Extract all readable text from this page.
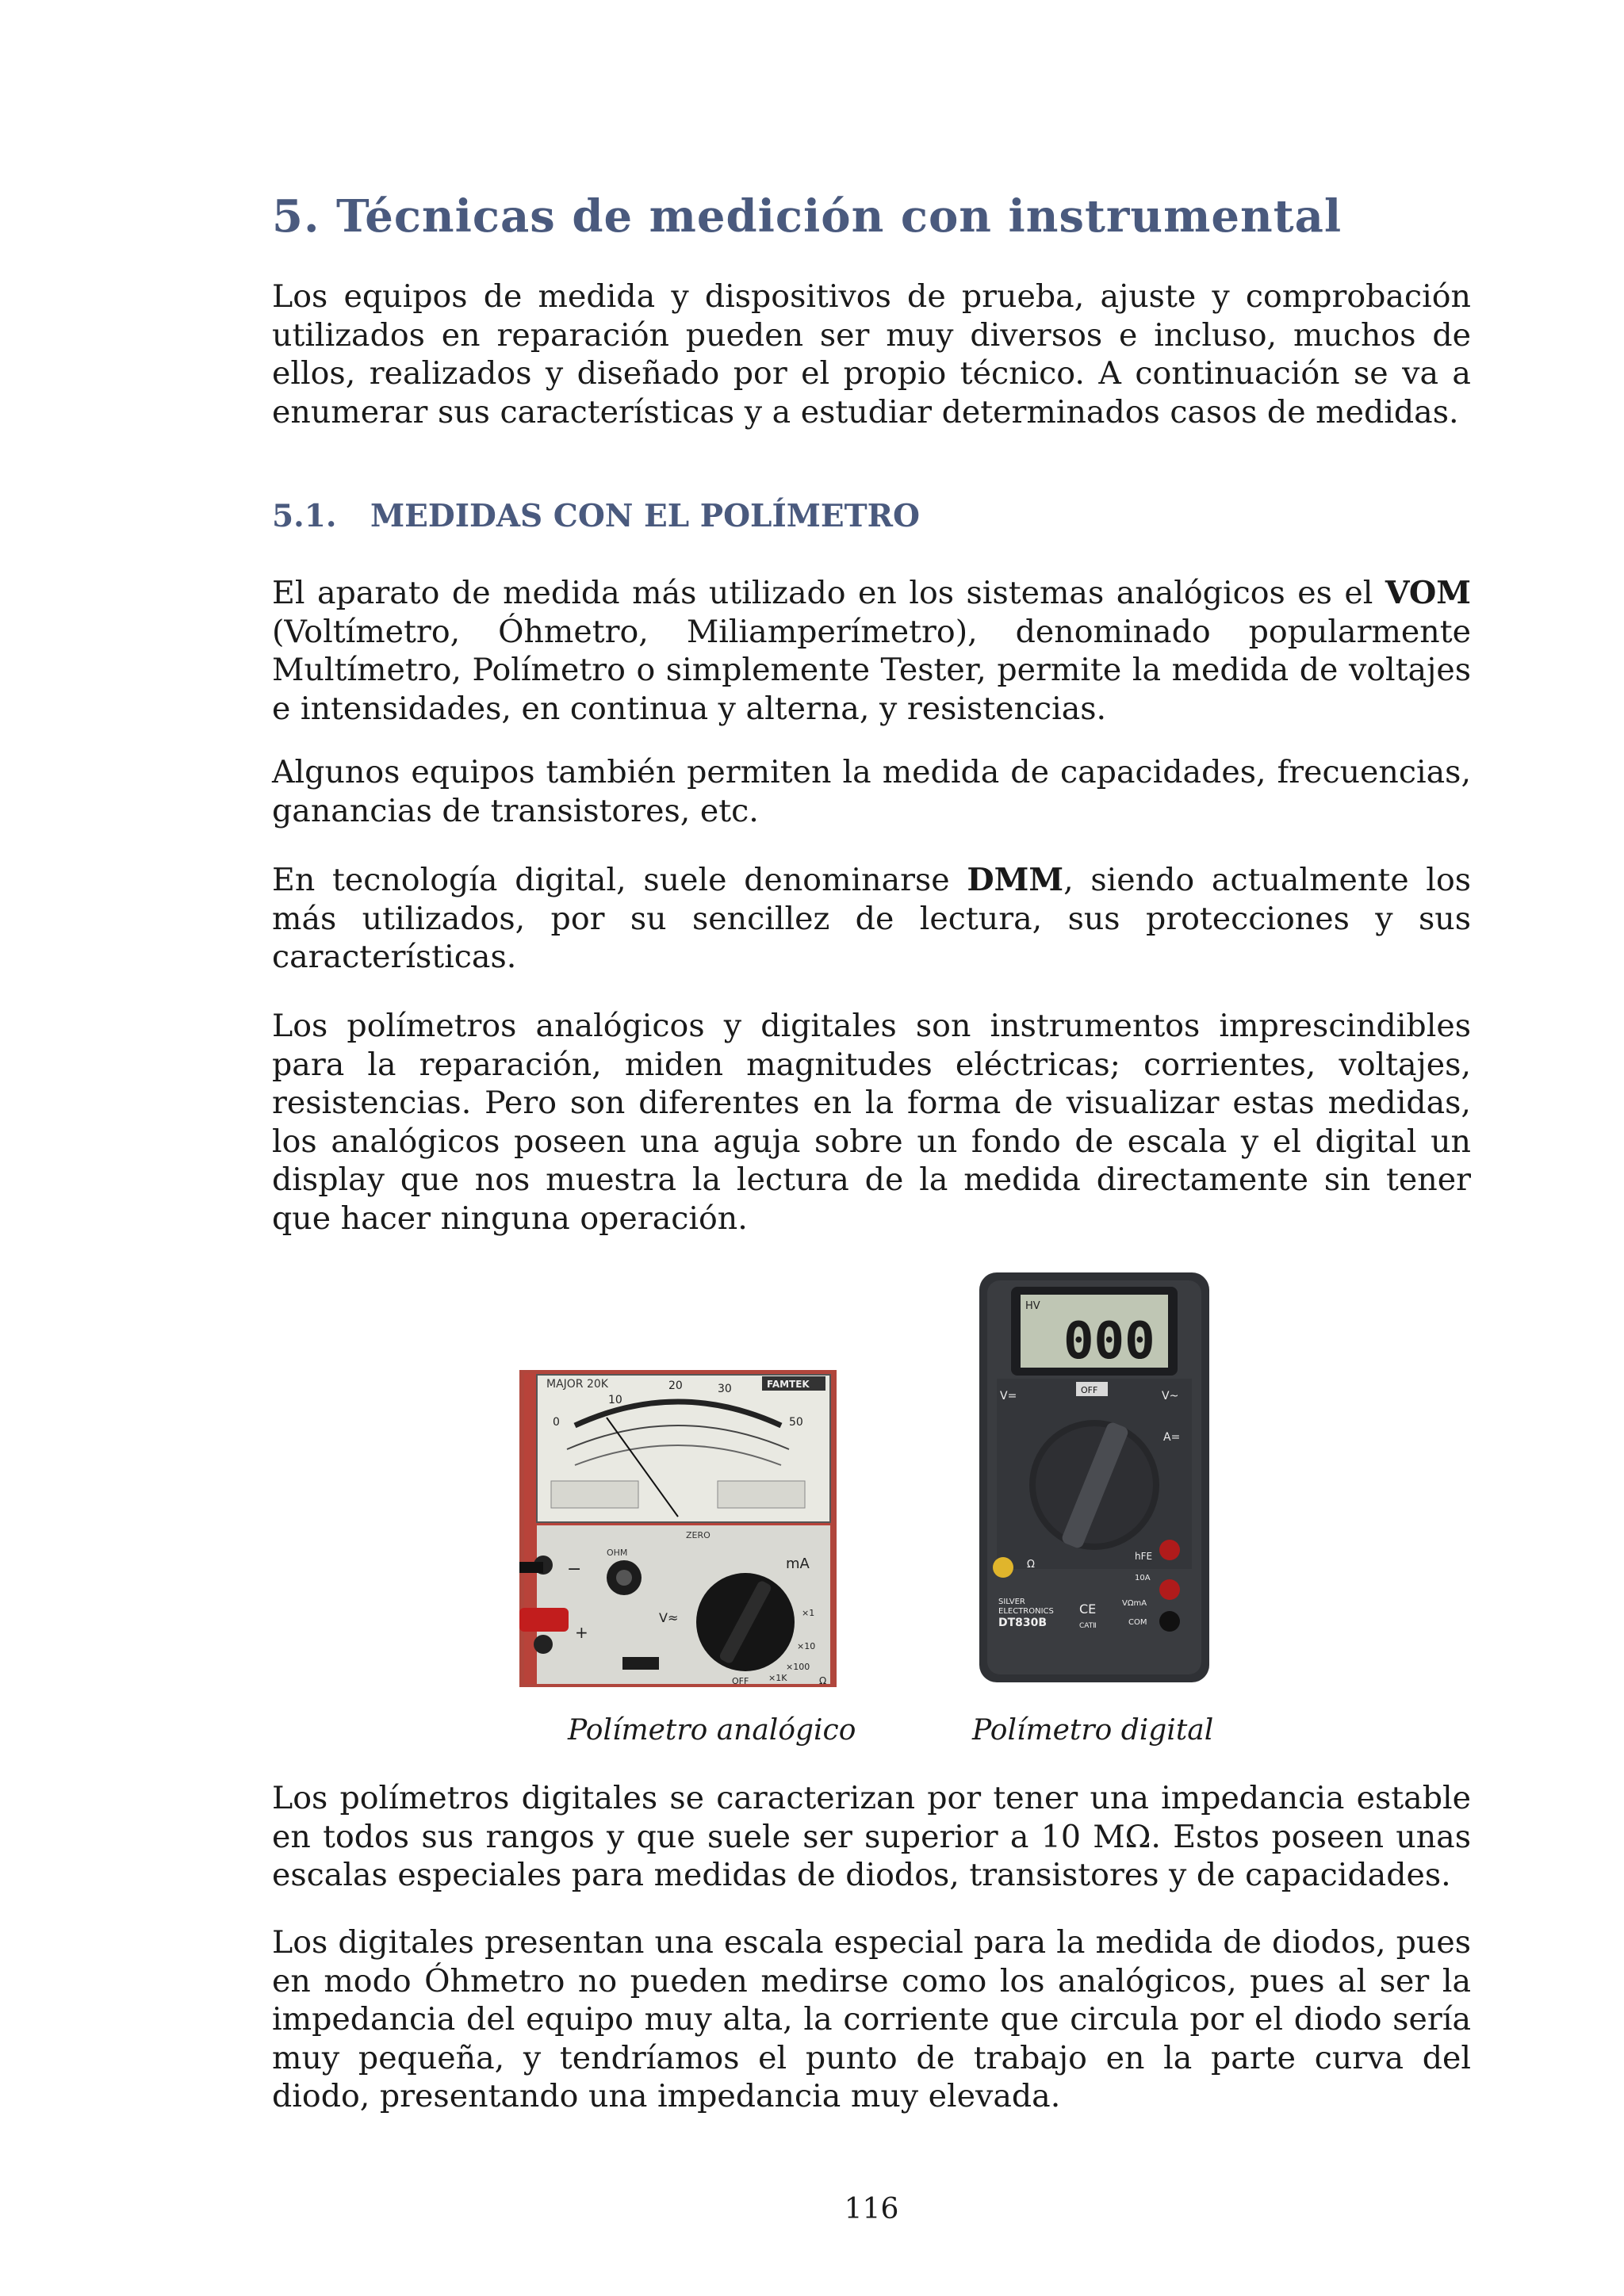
5. Técnicas de medición con instrumental

Los equipos de medida y dispositivos de prueba, ajuste y comprobación utilizados en reparación pueden ser muy diversos e incluso, muchos de ellos, realizados y diseñado por el propio técnico. A continuación se va a enumerar sus características y a estudiar determinados casos de medidas.

5.1. MEDIDAS CON EL POLÍMETRO

El aparato de medida más utilizado en los sistemas analógicos es el VOM (Voltímetro, Óhmetro, Miliamperímetro), denominado popularmente Multímetro, Polímetro o simplemente Tester, permite la medida de voltajes e intensidades, en continua y alterna, y resistencias.

Algunos equipos también permiten la medida de capacidades, frecuencias, ganancias de transistores, etc.

En tecnología digital, suele denominarse DMM, siendo actualmente los más utilizados, por su sencillez de lectura, sus protecciones y sus características.

Los polímetros analógicos y digitales son instrumentos imprescindibles para la reparación, miden magnitudes eléctricas; corrientes, voltajes, resistencias. Pero son diferentes en la forma de visualizar estas medidas, los analógicos poseen una aguja sobre un fondo de escala y el digital un display que nos muestra la lectura de la medida directamente sin tener que hacer ninguna operación.

MAJOR 20K	FAMTEK
20	30
10
50
0
ZERO
OHM
−
+
mA
V≈	×1
×10
×100
×1K
OFF	Ω
HV
000
V=	V~
A=
OFF
Ω
hFE
10A
VΩmA
COM
SILVER
ELECTRONICS
DT830B
CE
CATⅡ
Polímetro analógico	Polímetro digital

Los polímetros digitales se caracterizan por tener una impedancia estable en todos sus rangos y que suele ser superior a 10 MΩ. Estos poseen unas escalas especiales para medidas de diodos, transistores y de capacidades.

Los digitales presentan una escala especial para la medida de diodos, pues en modo Óhmetro no pueden medirse como los analógicos, pues al ser la impedancia del equipo muy alta, la corriente que circula por el diodo sería muy pequeña, y tendríamos el punto de trabajo en la parte curva del diodo, presentando una impedancia muy elevada.

116
